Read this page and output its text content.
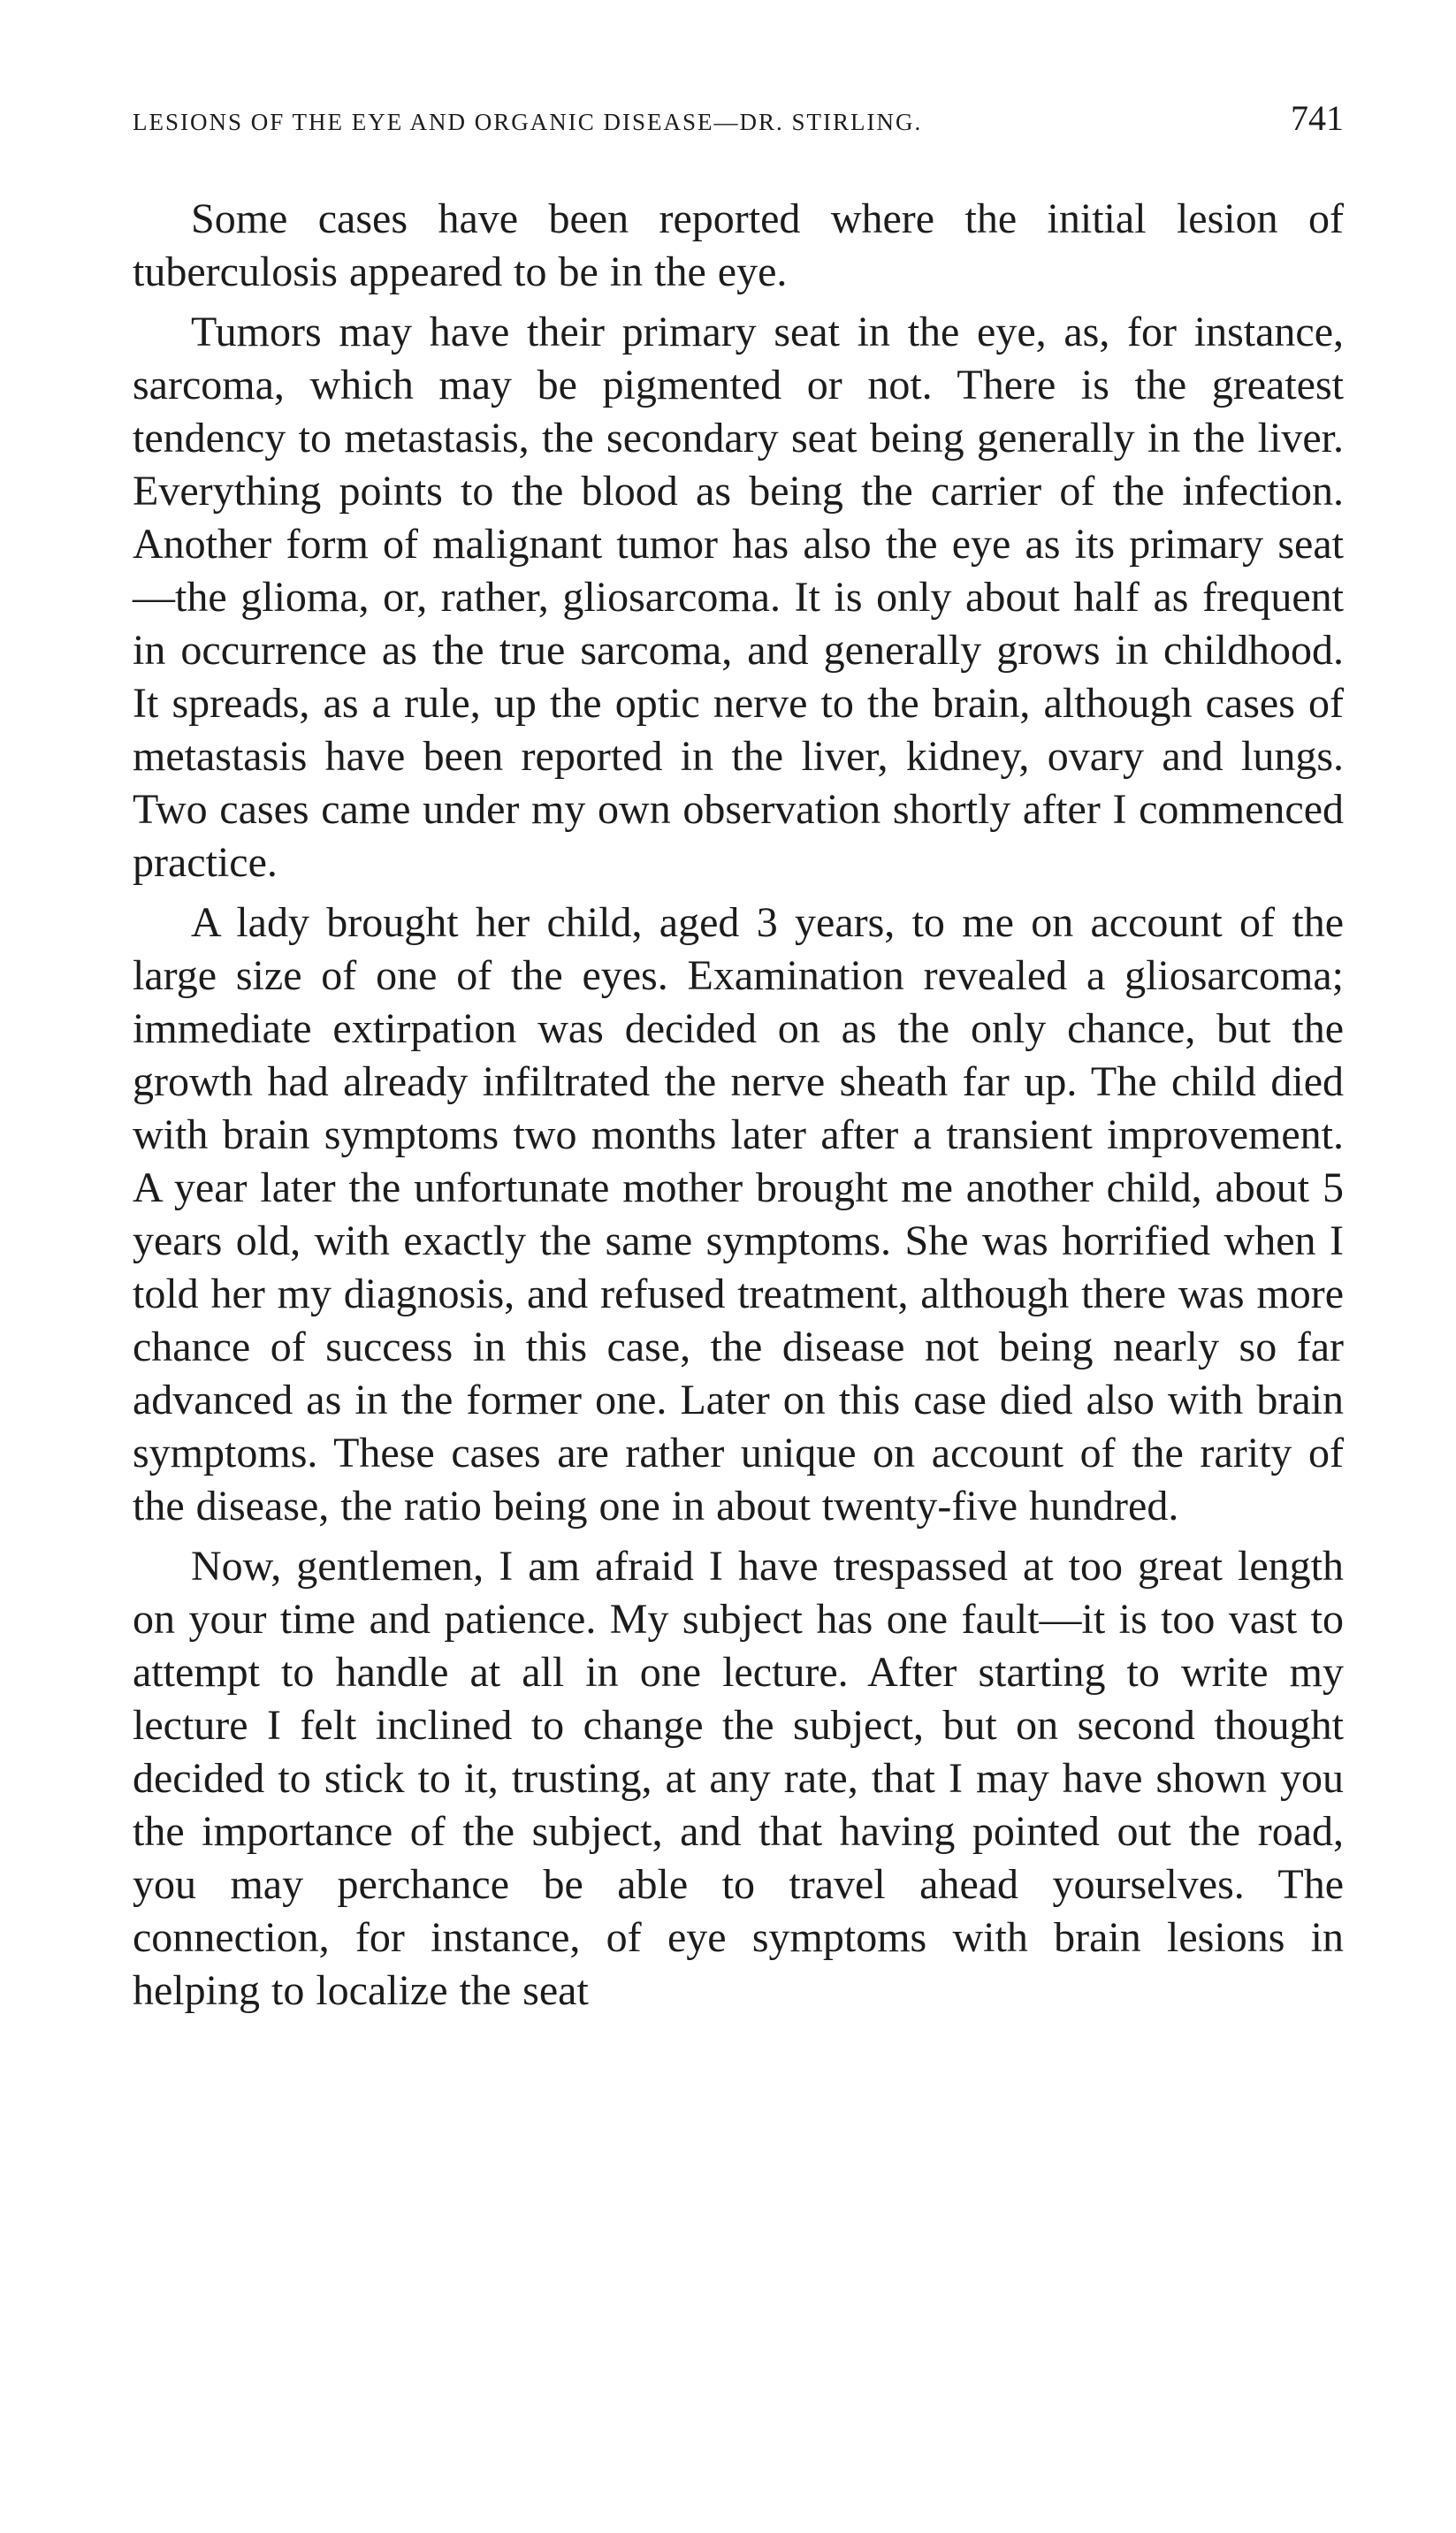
LESIONS OF THE EYE AND ORGANIC DISEASE—DR. STIRLING.	741

Some cases have been reported where the initial lesion of tuberculosis appeared to be in the eye.

Tumors may have their primary seat in the eye, as, for instance, sarcoma, which may be pigmented or not. There is the greatest tendency to metastasis, the secondary seat being generally in the liver. Everything points to the blood as being the carrier of the infection. Another form of malignant tumor has also the eye as its primary seat—the glioma, or, rather, gliosarcoma. It is only about half as frequent in occurrence as the true sarcoma, and generally grows in childhood. It spreads, as a rule, up the optic nerve to the brain, although cases of metastasis have been reported in the liver, kidney, ovary and lungs. Two cases came under my own observation shortly after I commenced practice.

A lady brought her child, aged 3 years, to me on account of the large size of one of the eyes. Examination revealed a gliosarcoma; immediate extirpation was decided on as the only chance, but the growth had already infiltrated the nerve sheath far up. The child died with brain symptoms two months later after a transient improvement. A year later the unfortunate mother brought me another child, about 5 years old, with exactly the same symptoms. She was horrified when I told her my diagnosis, and refused treatment, although there was more chance of success in this case, the disease not being nearly so far advanced as in the former one. Later on this case died also with brain symptoms. These cases are rather unique on account of the rarity of the disease, the ratio being one in about twenty-five hundred.

Now, gentlemen, I am afraid I have trespassed at too great length on your time and patience. My subject has one fault—it is too vast to attempt to handle at all in one lecture. After starting to write my lecture I felt inclined to change the subject, but on second thought decided to stick to it, trusting, at any rate, that I may have shown you the importance of the subject, and that having pointed out the road, you may perchance be able to travel ahead yourselves. The connection, for instance, of eye symptoms with brain lesions in helping to localize the seat
